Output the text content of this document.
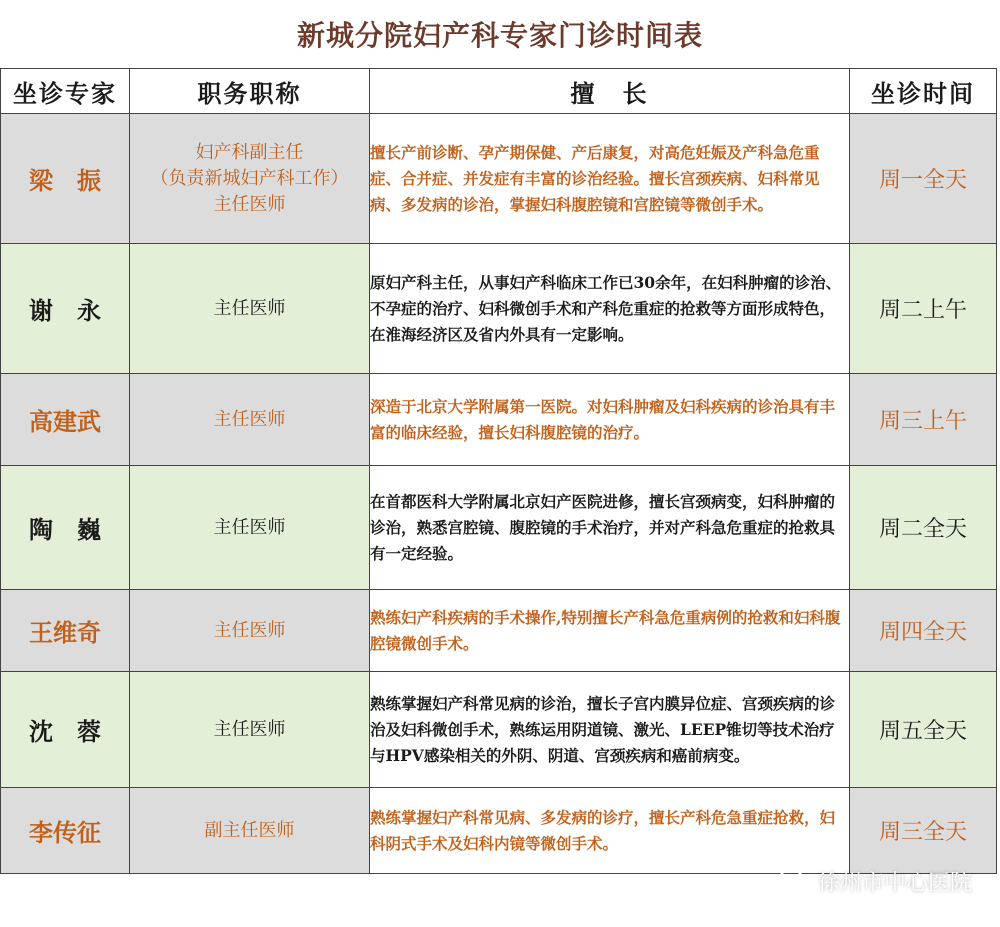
新城分院妇产科专家门诊时间表
坐诊专家	职务职称	擅　长	坐诊时间
梁　振	妇产科副主任
（负责新城妇产科工作）
主任医师	擅长产前诊断、孕产期保健、产后康复，对高危妊娠及产科急危重症、合并症、并发症有丰富的诊治经验。擅长宫颈疾病、妇科常见病、多发病的诊治，掌握妇科腹腔镜和宫腔镜等微创手术。	周一全天
谢　永	主任医师	原妇产科主任，从事妇产科临床工作已30余年，在妇科肿瘤的诊治、不孕症的治疗、妇科微创手术和产科危重症的抢救等方面形成特色，在淮海经济区及省内外具有一定影响。	周二上午
高建武	主任医师	深造于北京大学附属第一医院。对妇科肿瘤及妇科疾病的诊治具有丰富的临床经验，擅长妇科腹腔镜的治疗。	周三上午
陶　巍	主任医师	在首都医科大学附属北京妇产医院进修，擅长宫颈病变，妇科肿瘤的诊治，熟悉宫腔镜、腹腔镜的手术治疗，并对产科急危重症的抢救具有一定经验。	周二全天
王维奇	主任医师	熟练妇产科疾病的手术操作,特别擅长产科急危重病例的抢救和妇科腹腔镜微创手术。	周四全天
沈　蓉	主任医师	熟练掌握妇产科常见病的诊治，擅长子宫内膜异位症、宫颈疾病的诊治及妇科微创手术，熟练运用阴道镜、激光、LEEP锥切等技术治疗与HPV感染相关的外阴、阴道、宫颈疾病和癌前病变。	周五全天
李传征	副主任医师	熟练掌握妇产科常见病、多发病的诊疗，擅长产科危急重症抢救，妇科阴式手术及妇科内镜等微创手术。	周三全天
徐州市中心医院
